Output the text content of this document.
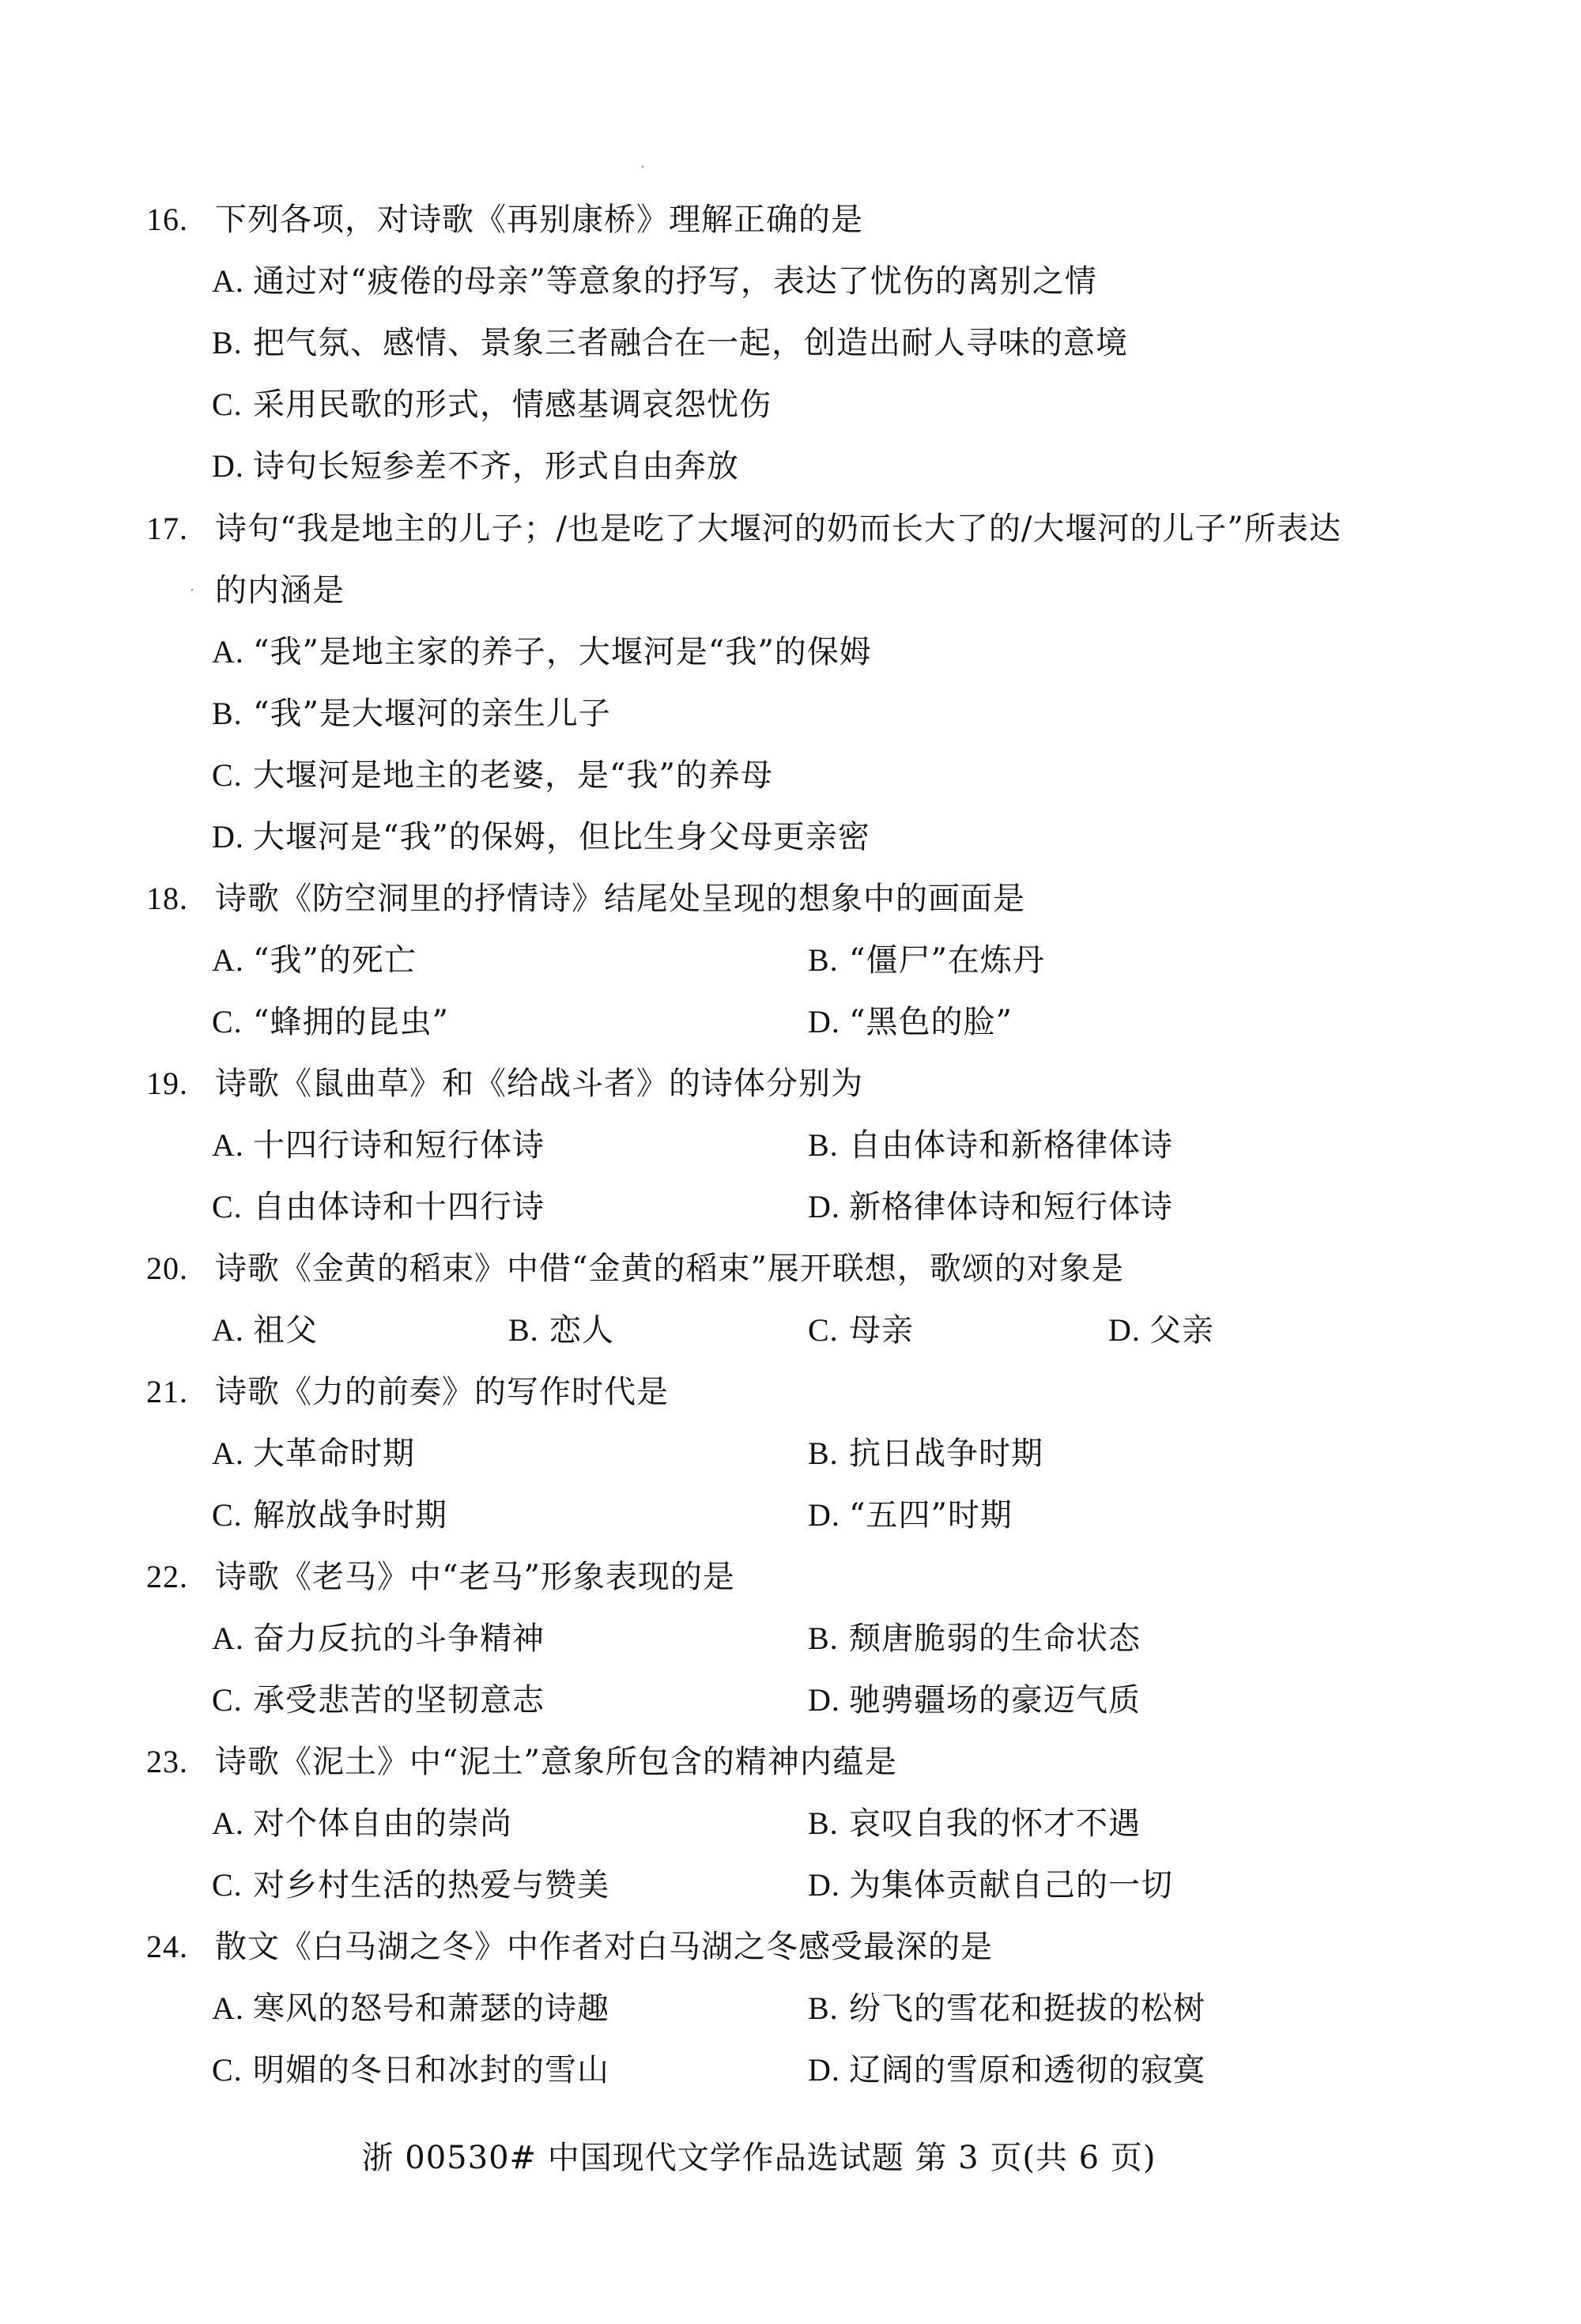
16. 下列各项，对诗歌《再别康桥》理解正确的是
A. 通过对“疲倦的母亲”等意象的抒写，表达了忧伤的离别之情
B. 把气氛、感情、景象三者融合在一起，创造出耐人寻味的意境
C. 采用民歌的形式，情感基调哀怨忧伤
D. 诗句长短参差不齐，形式自由奔放
17. 诗句“我是地主的儿子；/也是吃了大堰河的奶而长大了的/大堰河的儿子”所表达
的内涵是
A. “我”是地主家的养子，大堰河是“我”的保姆
B. “我”是大堰河的亲生儿子
C. 大堰河是地主的老婆，是“我”的养母
D. 大堰河是“我”的保姆，但比生身父母更亲密
18. 诗歌《防空洞里的抒情诗》结尾处呈现的想象中的画面是
A. “我”的死亡	B. “僵尸”在炼丹
C. “蜂拥的昆虫”	D. “黑色的脸”
19. 诗歌《鼠曲草》和《给战斗者》的诗体分别为
A. 十四行诗和短行体诗	B. 自由体诗和新格律体诗
C. 自由体诗和十四行诗	D. 新格律体诗和短行体诗
20. 诗歌《金黄的稻束》中借“金黄的稻束”展开联想，歌颂的对象是
A. 祖父	B. 恋人	C. 母亲	D. 父亲
21. 诗歌《力的前奏》的写作时代是
A. 大革命时期	B. 抗日战争时期
C. 解放战争时期	D. “五四”时期
22. 诗歌《老马》中“老马”形象表现的是
A. 奋力反抗的斗争精神	B. 颓唐脆弱的生命状态
C. 承受悲苦的坚韧意志	D. 驰骋疆场的豪迈气质
23. 诗歌《泥土》中“泥土”意象所包含的精神内蕴是
A. 对个体自由的崇尚	B. 哀叹自我的怀才不遇
C. 对乡村生活的热爱与赞美	D. 为集体贡献自己的一切
24. 散文《白马湖之冬》中作者对白马湖之冬感受最深的是
A. 寒风的怒号和萧瑟的诗趣	B. 纷飞的雪花和挺拔的松树
C. 明媚的冬日和冰封的雪山	D. 辽阔的雪原和透彻的寂寞
浙 00530# 中国现代文学作品选试题 第 3 页(共 6 页)
